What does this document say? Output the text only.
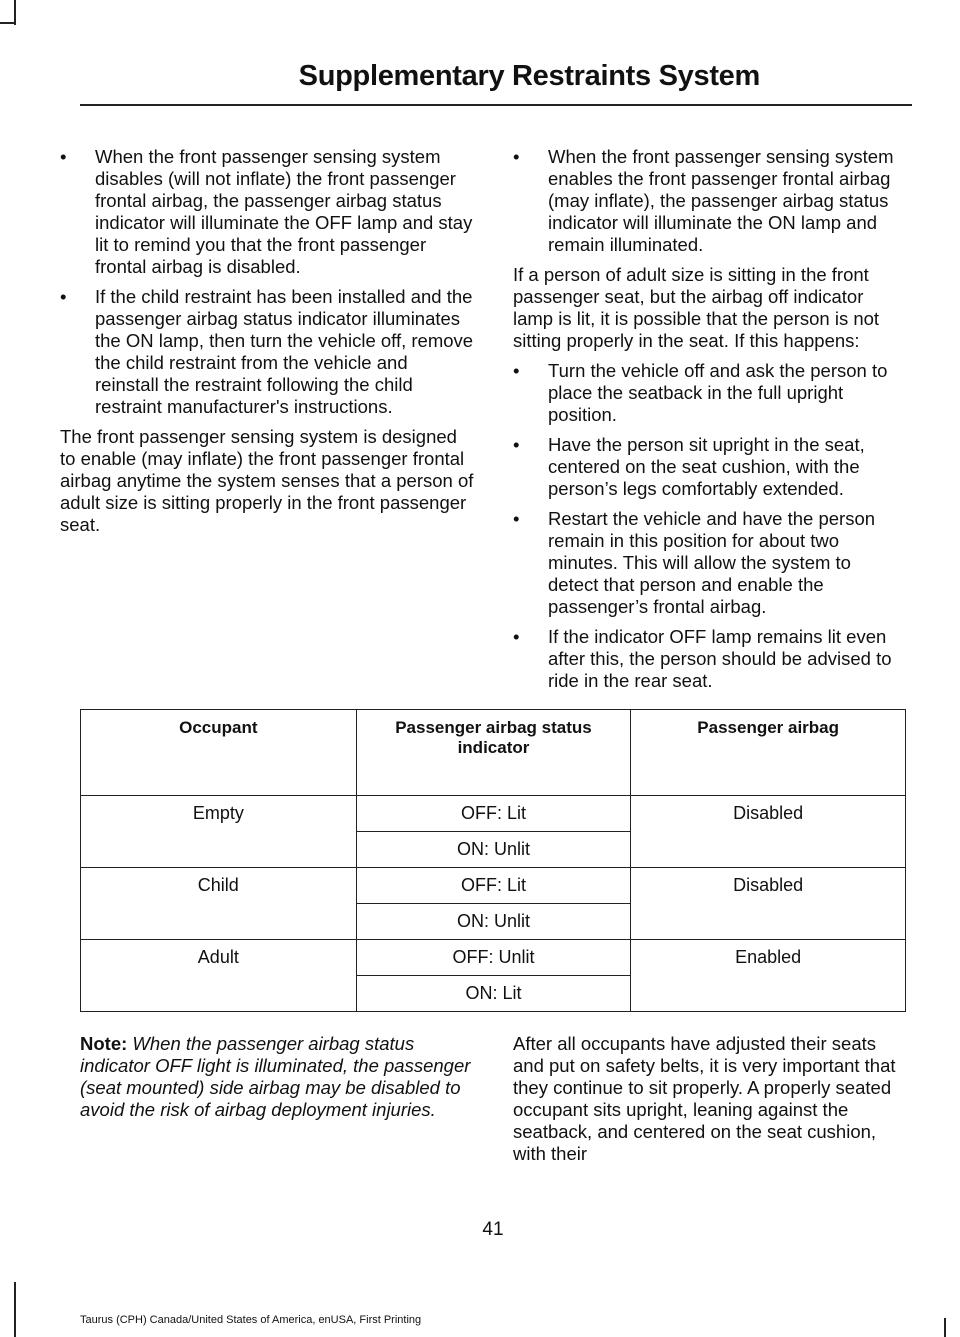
Supplementary Restraints System
• When the front passenger sensing system disables (will not inflate) the front passenger frontal airbag, the passenger airbag status indicator will illuminate the OFF lamp and stay lit to remind you that the front passenger frontal airbag is disabled.
• If the child restraint has been installed and the passenger airbag status indicator illuminates the ON lamp, then turn the vehicle off, remove the child restraint from the vehicle and reinstall the restraint following the child restraint manufacturer's instructions.

The front passenger sensing system is designed to enable (may inflate) the front passenger frontal airbag anytime the system senses that a person of adult size is sitting properly in the front passenger seat.

• When the front passenger sensing system enables the front passenger frontal airbag (may inflate), the passenger airbag status indicator will illuminate the ON lamp and remain illuminated.

If a person of adult size is sitting in the front passenger seat, but the airbag off indicator lamp is lit, it is possible that the person is not sitting properly in the seat. If this happens:

• Turn the vehicle off and ask the person to place the seatback in the full upright position.
• Have the person sit upright in the seat, centered on the seat cushion, with the person’s legs comfortably extended.
• Restart the vehicle and have the person remain in this position for about two minutes. This will allow the system to detect that person and enable the passenger’s frontal airbag.
• If the indicator OFF lamp remains lit even after this, the person should be advised to ride in the rear seat.
Occupant	Passenger airbag status indicator	Passenger airbag
Empty	OFF: Lit	Disabled
	ON: Unlit	
Child	OFF: Lit	Disabled
	ON: Unlit	
Adult	OFF: Unlit	Enabled
	ON: Lit	
Note: When the passenger airbag status indicator OFF light is illuminated, the passenger (seat mounted) side airbag may be disabled to avoid the risk of airbag deployment injuries.
After all occupants have adjusted their seats and put on safety belts, it is very important that they continue to sit properly. A properly seated occupant sits upright, leaning against the seatback, and centered on the seat cushion, with their
41
Taurus (CPH) Canada/United States of America, enUSA, First Printing
